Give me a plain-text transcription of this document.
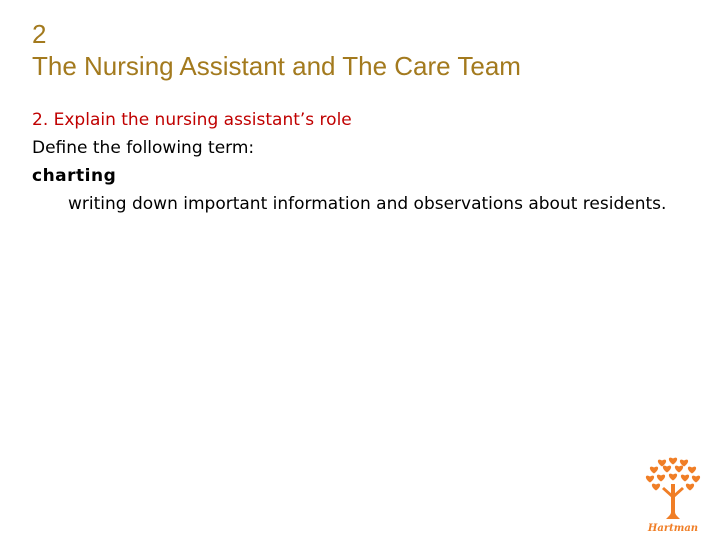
2
The Nursing Assistant and The Care Team
2. Explain the nursing assistant’s role
Define the following term:
charting
writing down important information and observations about residents.
Hartman
